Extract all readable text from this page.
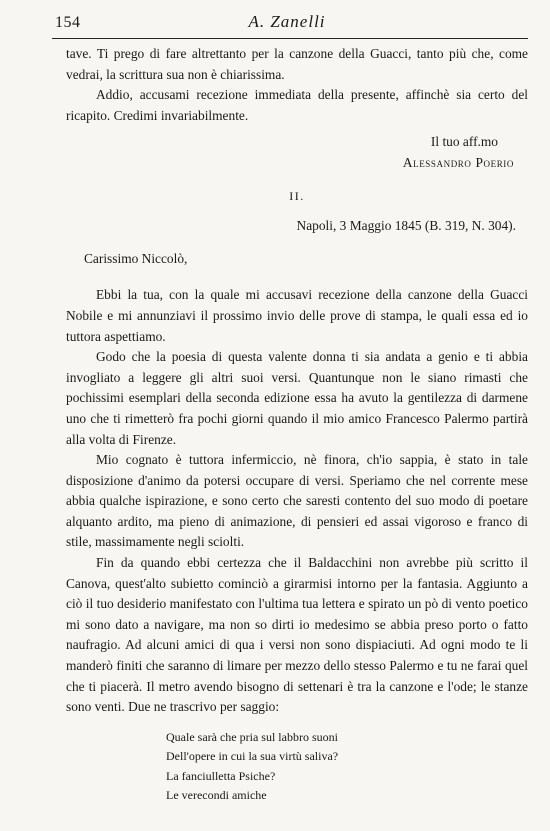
154	A. Zanelli

tave. Ti prego di fare altrettanto per la canzone della Guacci, tanto più che, come vedrai, la scrittura sua non è chiarissima.

Addio, accusami recezione immediata della presente, affinchè sia certo del ricapito. Credimi invariabilmente.

Il tuo aff.mo

Alessandro Poerio

II.

Napoli, 3 Maggio 1845 (B. 319, N. 304).

Carissimo Niccolò,

Ebbi la tua, con la quale mi accusavi recezione della canzone della Guacci Nobile e mi annunziavi il prossimo invio delle prove di stampa, le quali essa ed io tuttora aspettiamo.

Godo che la poesia di questa valente donna ti sia andata a genio e ti abbia invogliato a leggere gli altri suoi versi. Quantunque non le siano rimasti che pochissimi esemplari della seconda edizione essa ha avuto la gentilezza di darmene uno che ti rimetterò fra pochi giorni quando il mio amico Francesco Palermo partirà alla volta di Firenze.

Mio cognato è tuttora infermiccio, nè finora, ch'io sappia, è stato in tale disposizione d'animo da potersi occupare di versi. Speriamo che nel corrente mese abbia qualche ispirazione, e sono certo che saresti contento del suo modo di poetare alquanto ardito, ma pieno di animazione, di pensieri ed assai vigoroso e franco di stile, massimamente negli sciolti.

Fin da quando ebbi certezza che il Baldacchini non avrebbe più scritto il Canova, quest'alto subietto cominciò a girarmisi intorno per la fantasia. Aggiunto a ciò il tuo desiderio manifestato con l'ultima tua lettera e spirato un pò di vento poetico mi sono dato a navigare, ma non so dirti io medesimo se abbia preso porto o fatto naufragio. Ad alcuni amici di qua i versi non sono dispiaciuti. Ad ogni modo te li manderò finiti che saranno di limare per mezzo dello stesso Palermo e tu ne farai quel che ti piacerà. Il metro avendo bisogno di settenari è tra la canzone e l'ode; le stanze sono venti. Due ne trascrivo per saggio:

Quale sarà che pria sul labbro suoni
Dell'opere in cui la sua virtù saliva?
La fanciulletta Psiche?
Le verecondi amiche
